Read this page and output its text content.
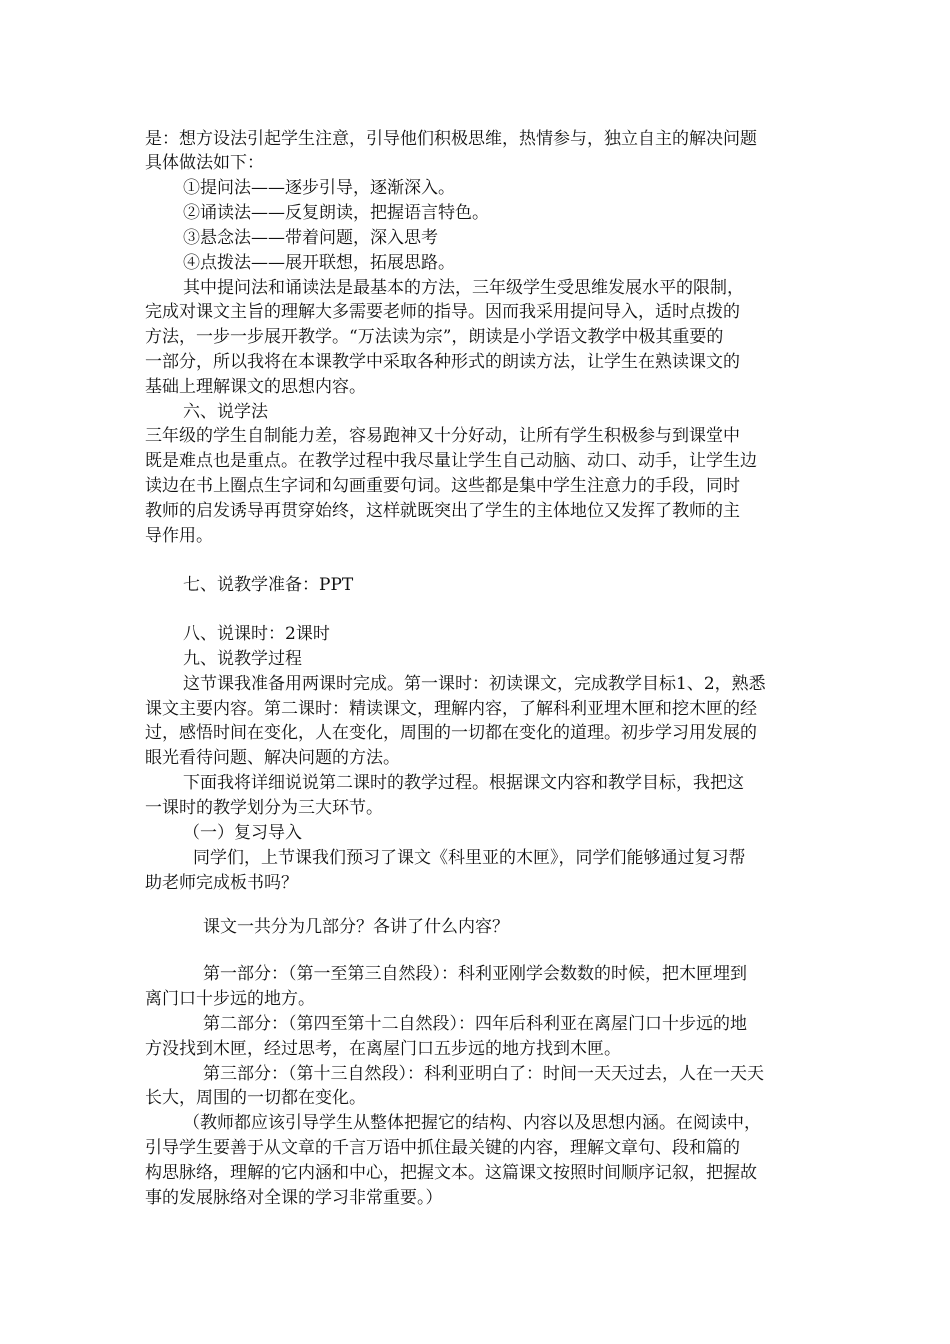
是：想方设法引起学生注意，引导他们积极思维，热情参与，独立自主的解决问题
具体做法如下：
①提问法——逐步引导，逐渐深入。
②诵读法——反复朗读，把握语言特色。
③悬念法——带着问题，深入思考
④点拨法——展开联想，拓展思路。
其中提问法和诵读法是最基本的方法，三年级学生受思维发展水平的限制，
完成对课文主旨的理解大多需要老师的指导。因而我采用提问导入，适时点拨的
方法，一步一步展开教学。“万法读为宗”，朗读是小学语文教学中极其重要的
一部分，所以我将在本课教学中采取各种形式的朗读方法，让学生在熟读课文的
基础上理解课文的思想内容。
六、说学法
三年级的学生自制能力差，容易跑神又十分好动，让所有学生积极参与到课堂中
既是难点也是重点。在教学过程中我尽量让学生自己动脑、动口、动手，让学生边
读边在书上圈点生字词和勾画重要句词。这些都是集中学生注意力的手段，同时
教师的启发诱导再贯穿始终，这样就既突出了学生的主体地位又发挥了教师的主
导作用。
七、说教学准备：PPT
八、说课时：2课时
九、说教学过程
这节课我准备用两课时完成。第一课时：初读课文，完成教学目标1、2，熟悉
课文主要内容。第二课时：精读课文，理解内容，了解科利亚埋木匣和挖木匣的经
过，感悟时间在变化，人在变化，周围的一切都在变化的道理。初步学习用发展的
眼光看待问题、解决问题的方法。
下面我将详细说说第二课时的教学过程。根据课文内容和教学目标，我把这
一课时的教学划分为三大环节。
（一）复习导入
同学们，上节课我们预习了课文《科里亚的木匣》，同学们能够通过复习帮
助老师完成板书吗？
课文一共分为几部分？各讲了什么内容？
第一部分：（第一至第三自然段）：科利亚刚学会数数的时候，把木匣埋到
离门口十步远的地方。
第二部分：（第四至第十二自然段）：四年后科利亚在离屋门口十步远的地
方没找到木匣，经过思考，在离屋门口五步远的地方找到木匣。
第三部分：（第十三自然段）：科利亚明白了：时间一天天过去，人在一天天
长大，周围的一切都在变化。
（教师都应该引导学生从整体把握它的结构、内容以及思想内涵。在阅读中，
引导学生要善于从文章的千言万语中抓住最关键的内容，理解文章句、段和篇的
构思脉络，理解的它内涵和中心，把握文本。这篇课文按照时间顺序记叙，把握故
事的发展脉络对全课的学习非常重要。）
